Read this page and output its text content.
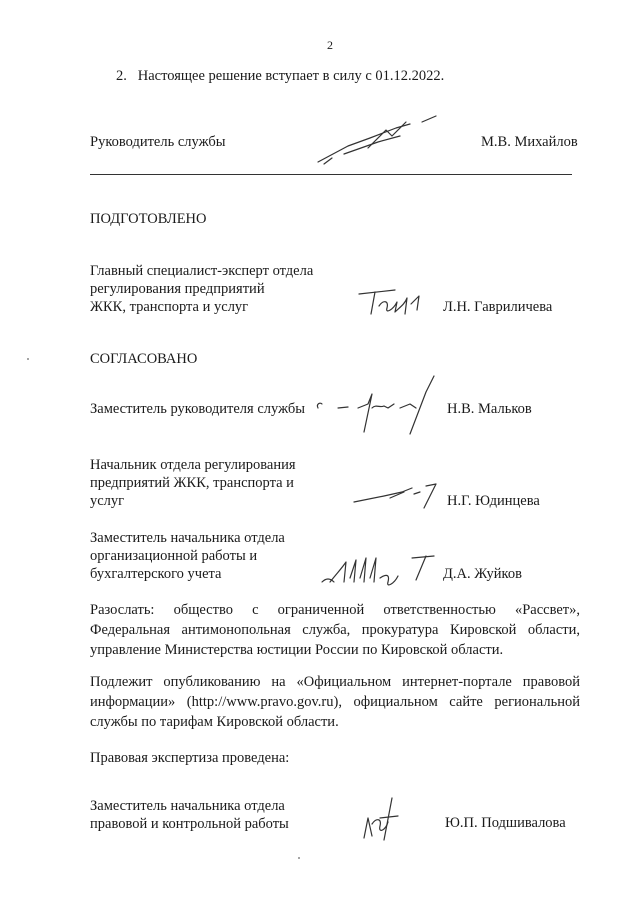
2
2. Настоящее решение вступает в силу с 01.12.2022.
Руководитель службы	М.В. Михайлов
ПОДГОТОВЛЕНО
Главный специалист-эксперт отдела
регулирования предприятий
ЖКК, транспорта и услуг	Л.Н. Гавриличева
СОГЛАСОВАНО
Заместитель руководителя службы	Н.В. Мальков
Начальник отдела регулирования
предприятий ЖКК, транспорта и
услуг	Н.Г. Юдинцева
Заместитель начальника отдела
организационной работы и
бухгалтерского учета	Д.А. Жуйков
Разослать: общество с ограниченной ответственностью «Рассвет», Федеральная антимонопольная служба, прокуратура Кировской области, управление Министерства юстиции России по Кировской области.
Подлежит опубликованию на «Официальном интернет-портале правовой информации» (http://www.pravo.gov.ru), официальном сайте региональной службы по тарифам Кировской области.
Правовая экспертиза проведена:
Заместитель начальника отдела
правовой и контрольной работы	Ю.П. Подшивалова
